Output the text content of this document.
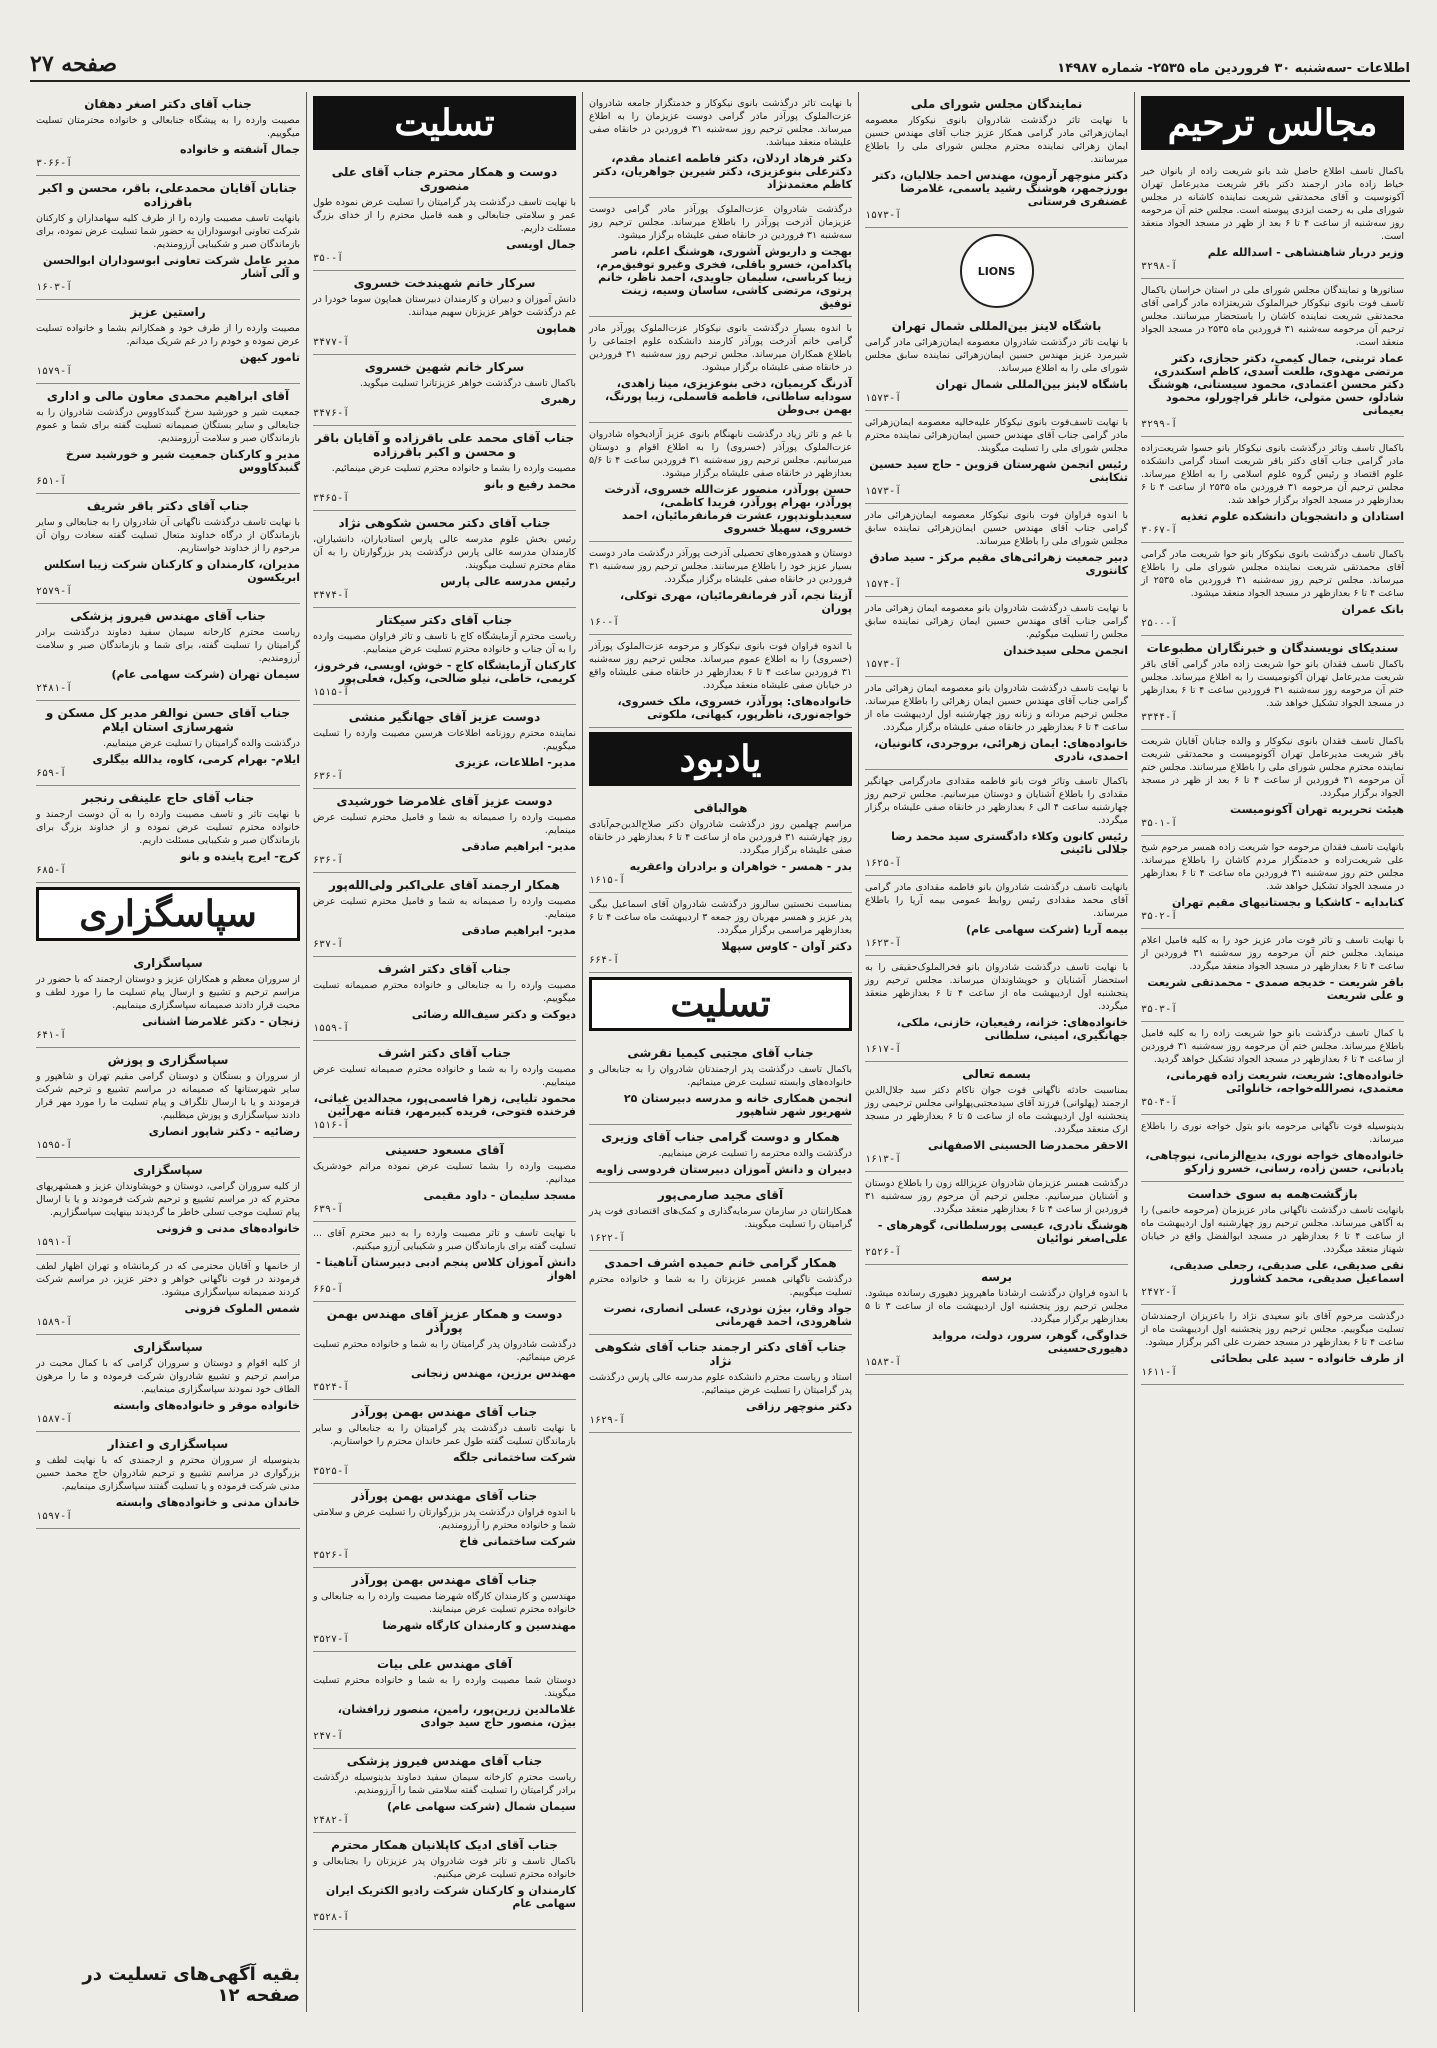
اطلاعات -سه‌شنبه ۳۰ فروردین ماه ۲۵۳۵- شماره ۱۴۹۸۷
صفحه ۲۷
مجالس ترحیم
باکمال تاسف اطلاع حاصل شد بانو شریعت زاده از بانوان خیر خیاط زاده مادر ارجمند دکتر باقر شریعت مدیرعامل تهران آکونوسیت و آقای محمدتقی شریعت نماینده کاشانه در مجلس شورای ملی به رحمت ایزدی پیوسته است. مجلس ختم آن مرحومه روز سه‌شنبه از ساعت ۴ تا ۶ بعد از ظهر در مسجد الجواد منعقد است.
وزیر دربار شاهنشاهی - اسدالله علم
آ-۳۲۹۸
سناتورها و نمایندگان مجلس شورای ملی در استان خراسان باکمال تاسف فوت بانوی نیکوکار خیرالملوک شریعتزاده مادر گرامی آقای محمدتقی شریعت نماینده کاشان را باستحضار میرسانند. مجلس ترحیم آن مرحومه سه‌شنبه ۳۱ فروردین ماه ۲۵۳۵ در مسجد الجواد منعقد است.
عماد تربتی، جمال کیمی، دکتر حجازی، دکتر مرتضی مهدوی، طلعت آسدی، کاظم اسکندری، دکتر محسن اعتمادی، محمود سیستانی، هوشنگ شادلو، حسن متولی، خانلر قراچورلو، محمود بعیمانی
آ-۳۲۹۹
باکمال تاسف وتاثر درگذشت بانوی نیکوکار بانو حسوا شریعت‌زاده مادر گرامی جناب آقای دکتر باقر شریعت استاد گرامی دانشکده علوم اقتصاد و رئیس گروه علوم اسلامی را به اطلاع میرساند. مجلس ترحیم آن مرحومه ۳۱ فروردین ماه ۲۵۳۵ از ساعت ۴ تا ۶ بعدازظهر در مسجد الجواد برگزار خواهد شد.
استادان و دانشجویان دانشکده علوم تغذیه
آ-۳۰۶۷
باکمال تاسف درگذشت بانوی نیکوکار بانو حوا شریعت مادر گرامی آقای محمدتقی شریعت نماینده مجلس شورای ملی را باطلاع میرساند. مجلس ترحیم روز سه‌شنبه ۳۱ فروردین ماه ۲۵۳۵ از ساعت ۴ تا ۶ بعدازظهر در مسجد الجواد منعقد میشود.
بانک عمران
آ-۲۵۰۰
سندیکای نویسندگان و خبرنگاران مطبوعات
باکمال تاسف فقدان بانو حوا شریعت زاده مادر گرامی آقای باقر شریعت مدیرعامل تهران آکونومیست را به اطلاع میرساند. مجلس ختم آن مرحومه روز سه‌شنبه ۳۱ فروردین ساعت ۴ تا ۶ بعدازظهر در مسجد الجواد تشکیل خواهد شد.
آ-۳۳۴۴
باکمال تاسف فقدان بانوی نیکوکار و والده جنابان آقایان شریعت باقر شریعت مدیرعامل تهران آکونومیست و محمدتقی شریعت نماینده محترم مجلس شورای ملی را باطلاع میرسانند. مجلس ختم آن مرحومه ۳۱ فروردین از ساعت ۴ تا ۶ بعد از ظهر در مسجد الجواد برگزار میگردد.
هیئت تحریریه تهران آکونومیست
آ-۳۵۰۱
بانهایت تاسف فقدان مرحومه حوا شریعت زاده همسر مرحوم شیخ علی شریعت‌زاده و خدمتگزار مردم کاشان را باطلاع میرساند. مجلس ختم روز سه‌شنبه ۳۱ فروردین ماه ساعت ۴ تا ۶ بعدازظهر در مسجد الجواد تشکیل خواهد شد.
کتابدایه - کاشکیا و بجستانیهای مقیم تهران
آ-۳۵۰۲
با نهایت تاسف و تاثر فوت مادر عزیز خود را به کلیه فامیل اعلام مینماید. مجلس ختم آن مرحومه روز سه‌شنبه ۳۱ فروردین از ساعت ۴ تا ۶ بعدازظهر در مسجد الجواد منعقد میگردد.
باقر شریعت - خدیجه صمدی - محمدتقی شریعت و علی شریعت
آ-۳۵۰۳
با کمال تاسف درگذشت بانو حوا شریعت زاده را به کلیه فامیل باطلاع میرساند. مجلس ختم آن مرحومه روز سه‌شنبه ۳۱ فروردین از ساعت ۴ تا ۶ بعدازظهر در مسجد الجواد تشکیل خواهد گردید.
خانواده‌های: شریعت، شریعت زاده قهرمانی، معتمدی، نصرالله‌خواجه، خانلوائی
آ-۳۵۰۴
بدینوسیله فوت ناگهانی مرحومه بانو بتول خواجه نوری را باطلاع میرساند.
خانواده‌های خواجه نوری، بدیع‌الزمانی، نیوچاهی، یادبانی، حسن زاده، رسانی، خسرو زارکو
بازگشت‌همه به سوی خداست
بانهایت تاسف درگذشت ناگهانی مادر عزیزمان (مرحومه خانمی) را به آگاهی میرساند. مجلس ترحیم روز چهارشنبه اول اردیبهشت ماه از ساعت ۴ تا ۶ بعدازظهر در مسجد ابوالفضل واقع در خیابان شهناز منعقد میگردد.
نقی صدیقی، علی صدیقی، رجعلی صدیقی، اسماعیل صدیقی، محمد کشاورز
آ-۲۴۷۲
درگذشت مرحوم آقای بانو سعیدی نژاد را باعزیزان ارجمندشان تسلیت میگوییم. مجلس ترحیم روز پنجشنبه اول اردیبهشت ماه از ساعت ۴ تا ۶ بعدازظهر در مسجد حضرت علی اکبر برگزار میشود.
از طرف خانواده - سید علی بطحائی
آ-۱۶۱۱
نمایندگان مجلس شورای ملی
با نهایت تاثر درگذشت شادروان بانوی نیکوکار معصومه ایمان‌زهرائی مادر گرامی همکار عزیز جناب آقای مهندس حسین ایمان زهرائی نماینده محترم مجلس شورای ملی را باطلاع میرسانند.
دکتر منوچهر آزمون، مهندس احمد جلالیان، دکتر بورزجمهر، هوشنگ رشید یاسمی، غلامرضا غضنفری فرستانی
آ-۱۵۷۳
LIONS
باشگاه لاینز بین‌المللی شمال تهران
با نهایت تاثر درگذشت شادروان معصومه ایمان‌زهرائی مادر گرامی شیرمرد عزیز مهندس حسین ایمان‌زهرائی نماینده سابق مجلس شورای ملی را به اطلاع میرساند.
باشگاه لاینز بین‌المللی شمال تهران
آ-۱۵۷۳
با نهایت تاسف‌فوت بانوی نیکوکار علیه‌خالیه معصومه ایمان‌زهرائی مادر گرامی جناب آقای مهندس حسین ایمان‌زهرائی نماینده محترم مجلس شورای ملی را تسلیت میگویند.
رئیس انجمن شهرستان قزوین - حاج سید حسین تنکابنی
آ-۱۵۷۳
با اندوه فراوان فوت بانوی نیکوکار معصومه ایمان‌زهرائی مادر گرامی جناب آقای مهندس حسین ایمان‌زهرائی نماینده سابق مجلس شورای ملی را باطلاع میرساند.
دبیر جمعیت زهرائی‌های مقیم مرکز - سید صادق کانتوری
آ-۱۵۷۴
با نهایت تاسف درگذشت شادروان بانو معصومه ایمان زهرائی مادر گرامی جناب آقای مهندس حسین ایمان زهرائی نماینده سابق مجلس را تسلیت میگوئیم.
انجمن محلی سیدخندان
آ-۱۵۷۳
با نهایت تاسف درگذشت شادروان بانو معصومه ایمان زهرائی مادر گرامی جناب آقای مهندس حسین ایمان زهرائی را باطلاع میرساند. مجلس ترحیم مردانه و زنانه روز چهارشنبه اول اردیبهشت ماه از ساعت ۴ تا ۶ بعدازظهر در خانقاه صفی علیشاه برگزار میگردد.
خانواده‌های: ایمان زهرائی، بروجردی، کانونیان، احمدی، نادری
باکمال تاسف وتاثر فوت بانو فاطمه مقدادی مادرگرامی جهانگیر مقدادی را باطلاع آشنایان و دوستان میرسانیم. مجلس ترحیم روز چهارشنبه ساعت ۴ الی ۶ بعدازظهر در خانقاه صفی علیشاه برگزار میگردد.
رئیس کانون وکلاء دادگستری سید محمد رضا جلالی نائینی
آ-۱۶۲۵
بانهایت تاسف درگذشت شادروان بانو فاطمه مقدادی مادر گرامی آقای محمد مقدادی رئیس روابط عمومی بیمه آریا را باطلاع میرساند.
بیمه آریا (شرکت سهامی عام)
آ-۱۶۲۳
با نهایت تاسف درگذشت شادروان بانو فخرالملوک‌حقیقی را به استحضار آشنایان و خویشاوندان میرساند. مجلس ترحیم روز پنجشنبه اول اردیبهشت ماه از ساعت ۴ تا ۶ بعدازظهر منعقد میگردد.
خانواده‌های: خزانه، رفیعیان، خازنی، ملکی، جهانگیری، امینی، سلطانی
آ-۱۶۱۷
بسمه تعالی
بمناسبت حادثه ناگهانی فوت جوان ناکام دکتر سید جلال‌الدین ارجمند (پهلوانی) فرزند آقای سیدمجتبی‌پهلوانی مجلس ترحیمی روز پنجشنبه اول اردیبهشت ماه از ساعت ۵ تا ۶ بعدازظهر در مسجد ارک منعقد میگردد.
الاحقر محمدرضا الحسینی الاصفهانی
آ-۱۶۱۳
درگذشت همسر عزیزمان شادروان عزیزالله زون را باطلاع دوستان و آشنایان میرسانیم. مجلس ترحیم آن مرحوم روز سه‌شنبه ۳۱ فروردین از ساعت ۴ تا ۶ بعدازظهر منعقد میگردد.
هوشنگ نادری، عیسی پورسلطانی، گوهرهای - علی‌اصغر نوائیان
آ-۲۵۲۶
برسه
با اندوه فراوان درگذشت ارشادنا ماهپرویز دهیوری رسانده میشود. مجلس ترحیم روز پنجشنبه اول اردیبهشت ماه از ساعت ۳ تا ۵ بعدازظهر برگزار میگردد.
خداوگی، گوهر، سرور، دولت، مرواید دهیوری‌حسینی
آ-۱۵۸۳
با نهایت تاثر درگذشت بانوی نیکوکار و خدمتگزار جامعه شادروان عزت‌الملوک پورآذر مادر گرامی دوست عزیزمان را به اطلاع میرساند. مجلس ترحیم روز سه‌شنبه ۳۱ فروردین در خانقاه صفی علیشاه منعقد میباشد.
دکتر فرهاد اردلان، دکتر فاطمه اعتماد مقدم، دکترعلی بنوعزیزی، دکتر شیرین جواهریان، دکتر کاظم معتمدنژاد
درگذشت شادروان عزت‌الملوک پورآذر مادر گرامی دوست عزیزمان آذرخت پورآذر را باطلاع میرساند. مجلس ترحیم روز سه‌شنبه ۳۱ فروردین در خانقاه صفی علیشاه برگزار میشود.
بهجت و داریوش آشوری، هوشنگ اعلم، ناصر پاکدامن، خسرو باقلی، فخری وغیرو توفیق‌مرم، زیبا کرباسی، سلیمان جاویدی، احمد ناظر، خانم پرتوی، مرتضی کاشی، ساسان وسیه، زینت توفیق
با اندوه بسیار درگذشت بانوی نیکوکار عزت‌الملوک پورآذر مادر گرامی خانم آذرخت پورآذر کارمند دانشکده علوم اجتماعی را باطلاع همکاران میرساند. مجلس ترحیم روز سه‌شنبه ۳۱ فروردین در خانقاه صفی علیشاه برگزار میشود.
آذرنگ کریمیان، دخی بنوعزیزی، مینا زاهدی، سودابه ساطانی، فاطمه قاسملی، زیبا پورنگ، بهمن بی‌وطن
با غم و تاثر زیاد درگذشت نابهنگام بانوی عزیز آزادیخواه شادروان عزت‌الملوک پورآذر (خسروی) را به اطلاع اقوام و دوستان میرسانیم. مجلس ترحیم روز سه‌شنبه ۳۱ فروردین ساعت ۴ تا ۵/۶ بعدازظهر در خانقاه صفی علیشاه برگزار میشود.
حسن پورآذر، منصور عزت‌الله خسروی، آذرخت پورآذر، بهرام پورآذر، فریدا کاظمی، سعیدبلوندپور، عشرت فرمانفرمائیان، احمد خسروی، سهیلا خسروی
دوستان و همدوره‌های تحصیلی آذرخت پورآذر درگذشت مادر دوست بسیار عزیز خود را باطلاع میرسانند. مجلس ترحیم روز سه‌شنبه ۳۱ فروردین در خانقاه صفی علیشاه برگزار میگردد.
آزیتا نجم، آذر فرمانفرمائیان، مهری توکلی، پوران
آ-۱۶۰
با اندوه فراوان فوت بانوی نیکوکار و مرحومه عزت‌الملوک پورآذر (خسروی) را به اطلاع عموم میرساند. مجلس ترحیم روز سه‌شنبه ۳۱ فروردین ساعت ۴ تا ۶ بعدازظهر در خانقاه صفی علیشاه واقع در خیابان صفی علیشاه منعقد میگردد.
خانواده‌های: پورآذر، خسروی، ملک خسروی، خواجه‌نوری، ناظرپور، کیهانی، ملکوتی
یادبود
هوالباقی
مراسم چهلمین روز درگذشت شادروان دکتر صلاح‌الدین‌جم‌آبادی روز چهارشنبه ۳۱ فروردین ماه از ساعت ۴ تا ۶ بعدازظهر در خانقاه صفی علیشاه برگزار میگردد.
بدر - همسر - خواهران و برادران واعقریه
آ-۱۶۱۵
بمناسبت نخستین سالروز درگذشت شادروان آقای اسماعیل بیگی پدر عزیز و همسر مهربان روز جمعه ۳ اردیبهشت ماه ساعت ۴ تا ۶ بعدازظهر مراسمی برگزار میگردد.
دکتر آوان - کاوس سپهلا
آ-۶۶۴
تسلیت
جناب آقای مجتبی کیمیا نقرشی
باکمال تاسف درگذشت پدر ارجمندتان شادروان را به جنابعالی و خانواده‌های وابسته تسلیت عرض مینمائیم.
انجمن همکاری خانه و مدرسه دبیرستان ۲۵ شهریور شهر شاهپور
همکار و دوست گرامی جناب آقای وزیری
درگذشت والده محترمه را تسلیت عرض مینماییم.
دبیران و دانش آموزان دبیرستان فردوسی زاویه
آقای مجید صارمی‌پور
همکارانتان در سازمان سرمایه‌گذاری و کمک‌های اقتصادی فوت پدر گرامیتان را تسلیت میگویند.
آ-۱۶۲۲
همکار گرامی خانم حمیده اشرف احمدی
درگذشت ناگهانی همسر عزیزتان را به شما و خانواده محترم تسلیت میگوییم.
جواد وقار، بیژن نوذری، عسلی انصاری، نصرت شاهرودی، احمد قهرمانی
جناب آقای دکتر ارجمند جناب آقای شکوهی نژاد
استاد و ریاست محترم دانشکده علوم مدرسه عالی پارس درگذشت پدر گرامیتان را تسلیت عرض مینمائیم.
دکتر منوچهر رزاقی
آ-۱۶۲۹
تسلیت
دوست و همکار محترم جناب آقای علی منصوری
با نهایت تاسف درگذشت پدر گرامیتان را تسلیت عرض نموده طول عمر و سلامتی جنابعالی و همه فامیل محترم را از خدای بزرگ مسئلت داریم.
جمال اویسی
آ-۳۵۰
سرکار خانم شهیندخت خسروی
دانش آموزان و دبیران و کارمندان دبیرستان هماپون سوما خودرا در غم درگذشت خواهر عزیزتان سهیم میدانند.
هماپون
آ-۳۴۷۷
سرکار خانم شهین خسروی
باکمال تاسف درگذشت خواهر عزیزتانرا تسلیت میگوید.
رهبری
آ-۳۴۷۶
جناب آقای محمد علی باقرزاده و آقایان باقر و محسن و اکبر باقرزاده
مصیبت وارده را بشما و خانواده محترم تسلیت عرض مینمائیم.
محمد رفیع و بانو
آ-۳۴۶۵
جناب آقای دکتر محسن شکوهی نژاد
رئیس بخش علوم مدرسه عالی پارس استادیاران، دانشیاران، کارمندان مدرسه عالی پارس درگذشت پدر بزرگوارتان را به آن مقام محترم تسلیت میگویند.
رئیس مدرسه عالی پارس
آ-۳۴۷۴
جناب آقای دکتر سیکتار
ریاست محترم آزمایشگاه کاج با تاسف و تاثر فراوان مصیبت وارده را به آن جناب و خانواده محترم تسلیت عرض مینماییم.
کارکنان آزمایشگاه کاج - خوش، اویسی، فرخروز، کریمی، خاطی، نیلو ضالحی، وکیل، فعلی‌پور
آ-۱۵۱۵
دوست عزیز آقای جهانگیر منشی
نماینده محترم روزنامه اطلاعات هرسین مصیبت وارده را تسلیت میگوییم.
مدیر- اطلاعات، عزیزی
آ-۶۳۶
دوست عزیز آقای غلامرضا خورشیدی
مصیبت وارده را صمیمانه به شما و فامیل محترم تسلیت عرض مینمایم.
مدیر- ابراهیم صادقی
آ-۶۳۶
همکار ارجمند آقای علی‌اکبر ولی‌الله‌پور
مصیبت وارده را صمیمانه به شما و فامیل محترم تسلیت عرض مینمایم.
مدیر- ابراهیم صادقی
آ-۶۳۷
جناب آقای دکتر اشرف
مصیبت وارده را به جنابعالی و خانواده محترم صمیمانه تسلیت میگوییم.
دیوکت و دکتر سیف‌الله رضائی
آ-۱۵۵۹
جناب آقای دکتر اشرف
مصیبت وارده را به شما و خانواده محترم صمیمانه تسلیت عرض مینماییم.
محمود تلیایی، زهرا قاسمی‌پور، مجدالدین غیاثی، فرخنده فتوحی، فریده کبیرمهر، فتانه مهرآئین
آ-۱۵۱۶
آقای مسعود حسینی
مصیبت وارده را بشما تسلیت عرض نموده مراتم خودشریک میدانیم.
مسجد سلیمان - داود مقیمی
آ-۶۳۹
با نهایت تاسف و تاثر مصیبت وارده را به دبیر محترم آقای ... تسلیت گفته برای بازماندگان صبر و شکیبایی آرزو میکنیم.
دانش آموزان کلاس پنجم ادبی دبیرستان آناهیتا - اهواز
آ-۶۶۵
دوست و همکار عزیز آقای مهندس بهمن پورآذر
درگذشت شادروان پدر گرامیتان را به شما و خانواده محترم تسلیت عرض مینمائیم.
مهندس برزین، مهندس زنجانی
آ-۳۵۲۴
جناب آقای مهندس بهمن پورآذر
با نهایت تاسف درگذشت پدر گرامیتان را به جنابعالی و سایر بازماندگان تسلیت گفته طول عمر خاندان محترم را خواستاریم.
شرکت ساختمانی جلگه
آ-۳۵۲۵
جناب آقای مهندس بهمن پورآذر
با اندوه فراوان درگذشت پدر بزرگوارتان را تسلیت عرض و سلامتی شما و خانواده محترم را آرزومندیم.
شرکت ساختمانی فاخ
آ-۳۵۲۶
جناب آقای مهندس بهمن پورآذر
مهندسین و کارمندان کارگاه شهرضا مصیبت وارده را به جنابعالی و خانواده محترم تسلیت عرض مینمایند.
مهندسین و کارمندان کارگاه شهرضا
آ-۳۵۲۷
آقای مهندس علی بیات
دوستان شما مصیبت وارده را به شما و خانواده محترم تسلیت میگویند.
غلامالدین زرین‌پور، رامین، منصور زرافشان، بیژن، منصور حاج سید جوادی
آ-۲۴۷
جناب آقای مهندس فیروز پزشکی
ریاست محترم کارخانه سیمان سفید دماوند بدینوسیله درگذشت برادر گرامیتان را تسلیت گفته سلامتی شما را آرزومندیم.
سیمان شمال (شرکت سهامی عام)
آ-۲۴۸۲
جناب آقای ادیک کاپلانیان همکار محترم
باکمال تاسف و تاثر فوت شادروان پدر عزیزتان را بجنابعالی و خانواده محترم تسلیت عرض میکنیم.
کارمندان و کارکنان شرکت رادیو الکتریک ایران سهامی عام
آ-۳۵۲۸
جناب آقای دکتر اصغر دهقان
مصیبت وارده را به پیشگاه جنابعالی و خانواده محترمتان تسلیت میگوییم.
جمال آشفته و خانواده
آ-۳۰۶۶
جنابان آقایان محمدعلی، باقر، محسن و اکبر باقرزاده
بانهایت تاسف مصیبت وارده را از طرف کلیه سهامداران و کارکنان شرکت تعاونی ابوسوداران به حضور شما تسلیت عرض نموده، برای بازماندگان صبر و شکیبایی آرزومندیم.
مدیر عامل شرکت تعاونی ابوسوداران ابوالحسن و آلی آشار
آ-۱۶۰۳
راستین عزیز
مصیبت وارده را از طرف خود و همکارانم بشما و خانواده تسلیت عرض نموده و خودم را در غم شریک میدانم.
تامور کیهن
آ-۱۵۷۹
آقای ابراهیم محمدی معاون مالی و اداری
جمعیت شیر و خورشید سرخ گنبدکاووس درگذشت شادروان را به جنابعالی و سایر بستگان صمیمانه تسلیت گفته برای شما و عموم بازماندگان صبر و سلامت آرزومندیم.
مدیر و کارکنان جمعیت شیر و خورشید سرخ گنبدکاووس
آ-۶۵۱
جناب آقای دکتر باقر شریف
با نهایت تاسف درگذشت ناگهانی آن شادروان را به جنابعالی و سایر بازماندگان از درگاه خداوند متعال تسلیت گفته سعادت روان آن مرحوم را از خداوند خواستاریم.
مدیران، کارمندان و کارکنان شرکت زیبا اسکلس ابریکسون
آ-۲۵۷۹
جناب آقای مهندس فیروز پزشکی
ریاست محترم کارخانه سیمان سفید دماوند درگذشت برادر گرامیتان را تسلیت گفته، برای شما و بازماندگان صبر و سلامت آرزومندیم.
سیمان تهران (شرکت سهامی عام)
آ-۲۴۸۱
جناب آقای حسن نوالفر مدیر کل مسکن و شهرسازی استان ایلام
درگذشت والده گرامیتان را تسلیت عرض مینماییم.
ایلام- بهرام کرمی، کاوه، یدالله بیگلری
آ-۶۵۹
جناب آقای حاج علینقی رنجبر
با نهایت تاثر و تاسف مصیبت وارده را به آن دوست ارجمند و خانواده محترم تسلیت عرض نموده و از خداوند بزرگ برای بازماندگان صبر و شکیبایی مسئلت داریم.
کرج- ایرج پاینده و بانو
آ-۶۸۵
سپاسگزاری
سپاسگزاری
از سروران معظم و همکاران عزیز و دوستان ارجمند که با حضور در مراسم ترحیم و تشییع و ارسال پیام تسلیت ما را مورد لطف و محبت قرار دادند صمیمانه سپاسگزاری مینماییم.
زنجان - دکتر غلامرضا اشنانی
آ-۶۴۱
سپاسگزاری و پوزش
از سروران و بستگان و دوستان گرامی مقیم تهران و شاهپور و سایر شهرستانها که صمیمانه در مراسم تشییع و ترحیم شرکت فرمودند و یا با ارسال تلگراف و پیام تسلیت ما را مورد مهر قرار دادند سپاسگزاری و پوزش میطلبیم.
رضائیه - دکتر شاپور انصاری
آ-۱۵۹۵
سپاسگزاری
از کلیه سروران گرامی، دوستان و خویشاوندان عزیز و همشهریهای محترم که در مراسم تشییع و ترحیم شرکت فرمودند و یا با ارسال پیام تسلیت موجب تسلی خاطر ما گردیدند بینهایت سپاسگزاریم.
خانواده‌های مدنی و فزونی
آ-۱۵۹۱
از خانمها و آقایان محترمی که در کرمانشاه و تهران اظهار لطف فرمودند در فوت ناگهانی خواهر و دختر عزیز، در مراسم شرکت کردند صمیمانه سپاسگزاری میشود.
شمس الملوک فزونی
آ-۱۵۸۹
سپاسگزاری
از کلیه اقوام و دوستان و سروران گرامی که با کمال محبت در مراسم ترحیم و تشییع شادروان شرکت فرموده و ما را مرهون الطاف خود نمودند سپاسگزاری مینماییم.
خانواده موقر و خانواده‌های وابسته
آ-۱۵۸۷
سپاسگزاری و اعتذار
بدینوسیله از سروران محترم و ارجمندی که با نهایت لطف و بزرگواری در مراسم تشییع و ترحیم شادروان حاج محمد حسین مدنی شرکت فرموده و یا تسلیت گفتند سپاسگزاری مینماییم.
خاندان مدنی و خانواده‌های وابسته
آ-۱۵۹۷
بقیه آگهی‌های تسلیت در صفحه ۱۲
